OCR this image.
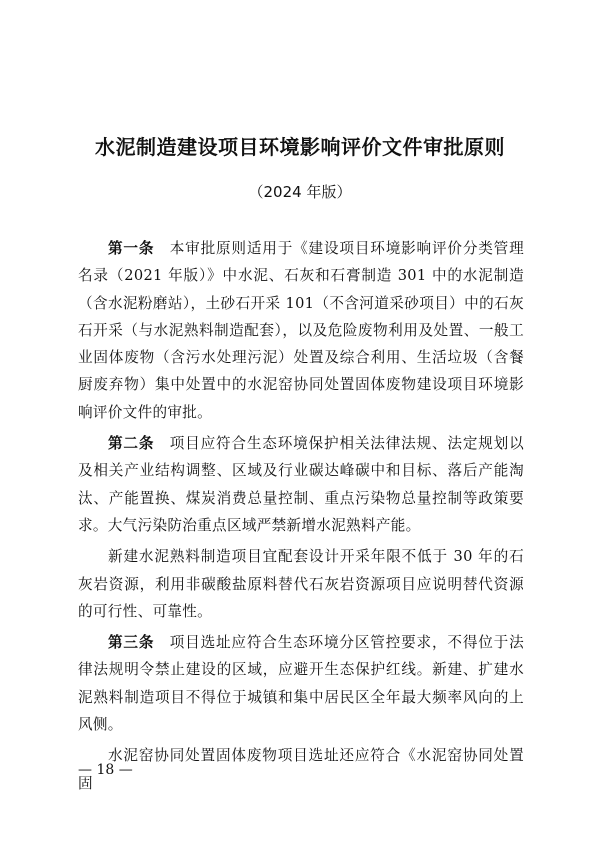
水泥制造建设项目环境影响评价文件审批原则
（2024 年版）

第一条  本审批原则适用于《建设项目环境影响评价分类管理名录（2021 年版）》中水泥、石灰和石膏制造 301 中的水泥制造（含水泥粉磨站），土砂石开采 101（不含河道采砂项目）中的石灰石开采（与水泥熟料制造配套），以及危险废物利用及处置、一般工业固体废物（含污水处理污泥）处置及综合利用、生活垃圾（含餐厨废弃物）集中处置中的水泥窑协同处置固体废物建设项目环境影响评价文件的审批。

第二条  项目应符合生态环境保护相关法律法规、法定规划以及相关产业结构调整、区域及行业碳达峰碳中和目标、落后产能淘汰、产能置换、煤炭消费总量控制、重点污染物总量控制等政策要求。大气污染防治重点区域严禁新增水泥熟料产能。

新建水泥熟料制造项目宜配套设计开采年限不低于 30 年的石灰岩资源，利用非碳酸盐原料替代石灰岩资源项目应说明替代资源的可行性、可靠性。

第三条  项目选址应符合生态环境分区管控要求，不得位于法律法规明令禁止建设的区域，应避开生态保护红线。新建、扩建水泥熟料制造项目不得位于城镇和集中居民区全年最大频率风向的上风侧。

水泥窑协同处置固体废物项目选址还应符合《水泥窑协同处置固

— 18 —
